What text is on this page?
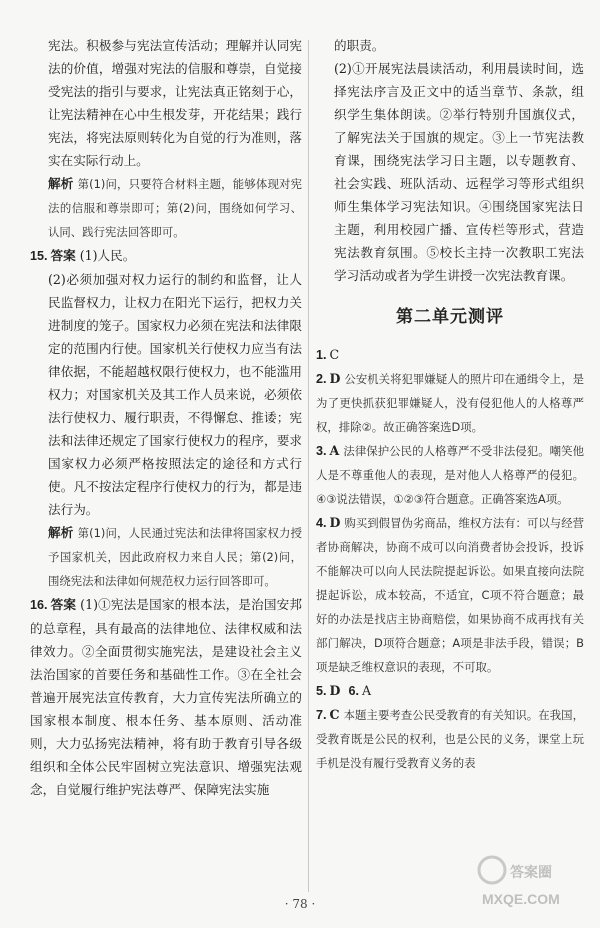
宪法。积极参与宪法宣传活动；理解并认同宪法的价值，增强对宪法的信服和尊崇，自觉接受宪法的指引与要求，让宪法真正铭刻于心，让宪法精神在心中生根发芽，开花结果；践行宪法，将宪法原则转化为自觉的行为准则，落实在实际行动上。

解析 第(1)问，只要符合材料主题，能够体现对宪法的信服和尊崇即可；第(2)问，围绕如何学习、认同、践行宪法回答即可。

15. 答案 (1)人民。

(2)必须加强对权力运行的制约和监督，让人民监督权力，让权力在阳光下运行，把权力关进制度的笼子。国家权力必须在宪法和法律限定的范围内行使。国家机关行使权力应当有法律依据，不能超越权限行使权力，也不能滥用权力；对国家机关及其工作人员来说，必须依法行使权力、履行职责，不得懈怠、推诿；宪法和法律还规定了国家行使权力的程序，要求国家权力必须严格按照法定的途径和方式行使。凡不按法定程序行使权力的行为，都是违法行为。

解析 第(1)问，人民通过宪法和法律将国家权力授予国家机关，因此政府权力来自人民；第(2)问，围绕宪法和法律如何规范权力运行回答即可。

16. 答案 (1)①宪法是国家的根本法，是治国安邦的总章程，具有最高的法律地位、法律权威和法律效力。②全面贯彻实施宪法，是建设社会主义法治国家的首要任务和基础性工作。③在全社会普遍开展宪法宣传教育，大力宣传宪法所确立的国家根本制度、根本任务、基本原则、活动准则，大力弘扬宪法精神，将有助于教育引导各级组织和全体公民牢固树立宪法意识、增强宪法观念，自觉履行维护宪法尊严、保障宪法实施

的职责。

(2)①开展宪法晨读活动，利用晨读时间，选择宪法序言及正文中的适当章节、条款，组织学生集体朗读。②举行特别升国旗仪式，了解宪法关于国旗的规定。③上一节宪法教育课，围绕宪法学习日主题，以专题教育、社会实践、班队活动、远程学习等形式组织师生集体学习宪法知识。④围绕国家宪法日主题，利用校园广播、宣传栏等形式，营造宪法教育氛围。⑤校长主持一次教职工宪法学习活动或者为学生讲授一次宪法教育课。

第二单元测评

1. C

2. D 公安机关将犯罪嫌疑人的照片印在通缉令上，是为了更快抓获犯罪嫌疑人，没有侵犯他人的人格尊严权，排除②。故正确答案选D项。

3. A 法律保护公民的人格尊严不受非法侵犯。嘲笑他人是不尊重他人的表现，是对他人人格尊严的侵犯。④③说法错误，①②③符合题意。正确答案选A项。

4. D 购买到假冒伪劣商品，维权方法有：可以与经营者协商解决，协商不成可以向消费者协会投诉，投诉不能解决可以向人民法院提起诉讼。如果直接向法院提起诉讼，成本较高，不适宜，C项不符合题意；最好的办法是找店主协商赔偿，如果协商不成再找有关部门解决，D项符合题意；A项是非法手段，错误；B项是缺乏维权意识的表现，不可取。

5. D 6. A

7. C 本题主要考查公民受教育的有关知识。在我国，受教育既是公民的权利，也是公民的义务，课堂上玩手机是没有履行受教育义务的表

· 78 ·
答案圈
MXQE.COM
